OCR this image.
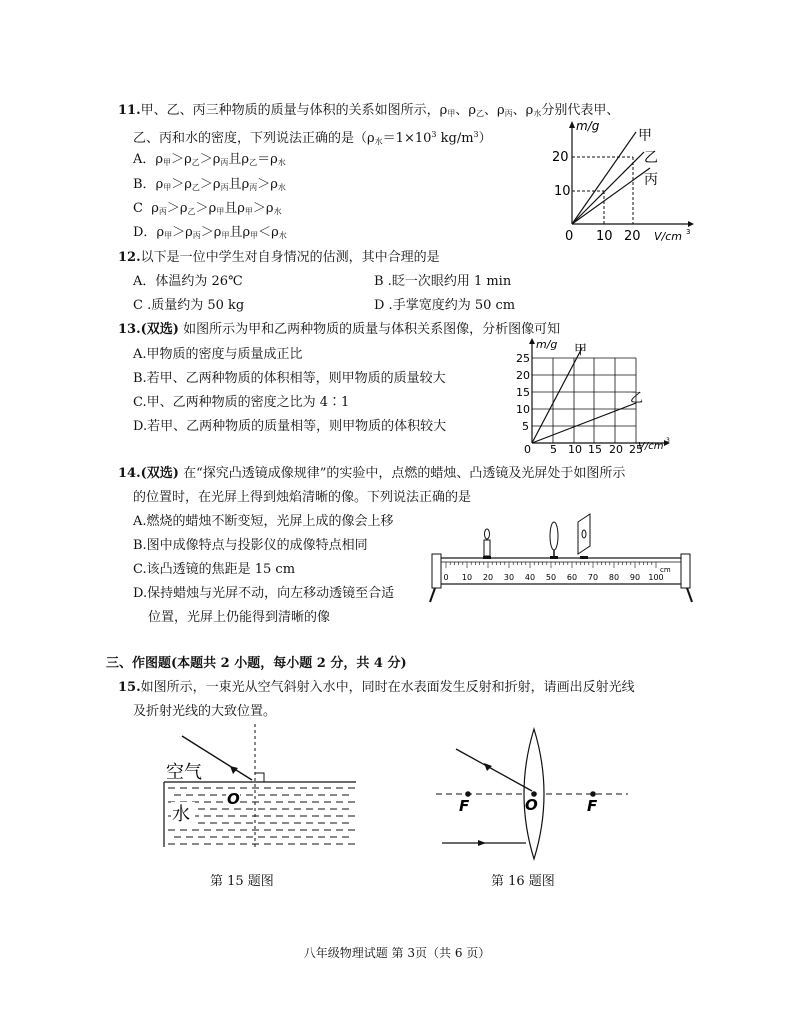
11.甲、乙、丙三种物质的质量与体积的关系如图所示，$\rho_甲$、$\rho_乙$、$\rho_丙$、$\rho_水$分别代表甲、
乙、丙和水的密度，下列说法正确的是（$\rho_水=1\times 10^3$ $kg/m^3$）
A．$\rho_甲>\rho_乙>\rho_丙$且$\rho_乙=\rho_水$
B．$\rho_甲>\rho_乙>\rho_丙$且$\rho_丙>\rho_水$
C $\rho_丙>\rho_乙>\rho_甲$且$\rho_甲>\rho_水$
D．$\rho_甲>\rho_丙>\rho_甲$且$\rho_甲<\rho_水$
m/g
V/cm 3
20
10
0 10 20
甲
乙
丙
12.以下是一位中学生对自身情况的估测，其中合理的是
A．体温约为 26℃	B .眨一次眼约用 1 min
C .质量约为 50 kg	D .手掌宽度约为 50 cm
13.(双选) 如图所示为甲和乙两种物质的质量与体积关系图像，分析图像可知
A.甲物质的密度与质量成正比
B.若甲、乙两种物质的体积相等，则甲物质的质量较大
C.甲、乙两种物质的密度之比为 4∶1
D.若甲、乙两种物质的质量相等，则甲物质的体积较大
m/g
V/cm
3
25
20
15
10
5
0 5 10 15 20 25
甲
乙
14.(双选) 在“探究凸透镜成像规律”的实验中，点燃的蜡烛、凸透镜及光屏处于如图所示
的位置时，在光屏上得到烛焰清晰的像。下列说法正确的是
A.燃烧的蜡烛不断变短，光屏上成的像会上移
B.图中成像特点与投影仪的成像特点相同
C.该凸透镜的焦距是 15 cm
D.保持蜡烛与光屏不动，向左移动透镜至合适
位置，光屏上仍能得到清晰的像
0 10 20 30 40 50 60 70 80 90 100
cm
三、作图题(本题共 2 小题，每小题 2 分，共 4 分)
15.如图所示，一束光从空气斜射入水中，同时在水表面发生反射和折射，请画出反射光线
及折射光线的大致位置。
空气
水
O
第 15 题图
F	O	F
第 16 题图
八年级物理试题 第 3页（共 6 页）
